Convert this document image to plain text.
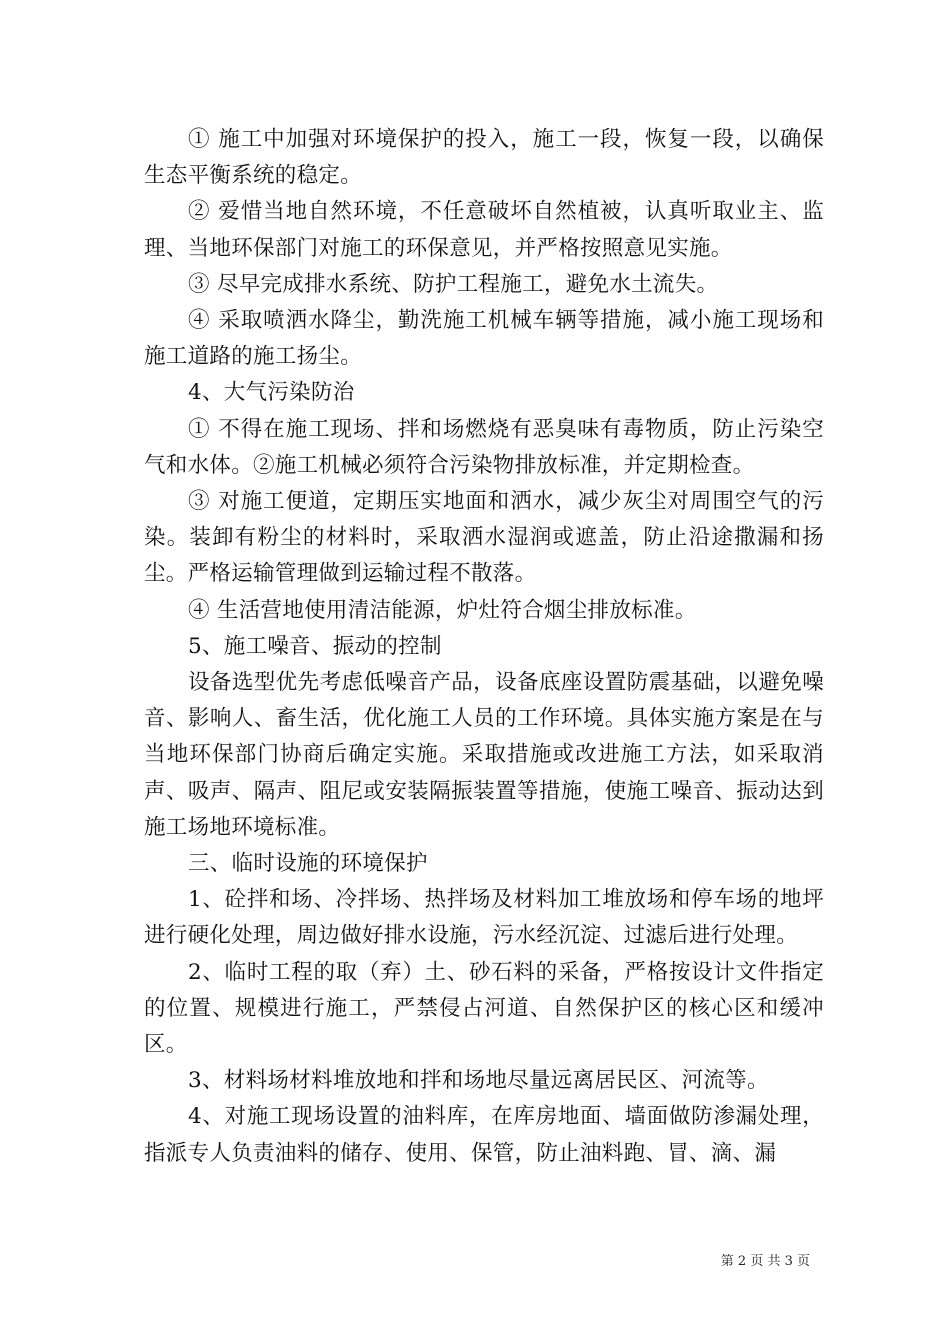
① 施工中加强对环境保护的投入，施工一段，恢复一段，以确保生态平衡系统的稳定。

② 爱惜当地自然环境，不任意破坏自然植被，认真听取业主、监理、当地环保部门对施工的环保意见，并严格按照意见实施。

③ 尽早完成排水系统、防护工程施工，避免水土流失。

④ 采取喷洒水降尘，勤洗施工机械车辆等措施，减小施工现场和施工道路的施工扬尘。

4、大气污染防治

① 不得在施工现场、拌和场燃烧有恶臭味有毒物质，防止污染空气和水体。②施工机械必须符合污染物排放标准，并定期检查。

③ 对施工便道，定期压实地面和洒水，减少灰尘对周围空气的污染。装卸有粉尘的材料时，采取洒水湿润或遮盖，防止沿途撒漏和扬尘。严格运输管理做到运输过程不散落。

④ 生活营地使用清洁能源，炉灶符合烟尘排放标准。

5、施工噪音、振动的控制

设备选型优先考虑低噪音产品，设备底座设置防震基础，以避免噪音、影响人、畜生活，优化施工人员的工作环境。具体实施方案是在与当地环保部门协商后确定实施。采取措施或改进施工方法，如采取消声、吸声、隔声、阻尼或安装隔振装置等措施，使施工噪音、振动达到施工场地环境标准。

三、临时设施的环境保护

1、砼拌和场、冷拌场、热拌场及材料加工堆放场和停车场的地坪进行硬化处理，周边做好排水设施，污水经沉淀、过滤后进行处理。

2、临时工程的取（弃）土、砂石料的采备，严格按设计文件指定的位置、规模进行施工，严禁侵占河道、自然保护区的核心区和缓冲区。

3、材料场材料堆放地和拌和场地尽量远离居民区、河流等。

4、对施工现场设置的油料库，在库房地面、墙面做防渗漏处理，指派专人负责油料的储存、使用、保管，防止油料跑、冒、滴、漏

第 2 页 共 3 页
